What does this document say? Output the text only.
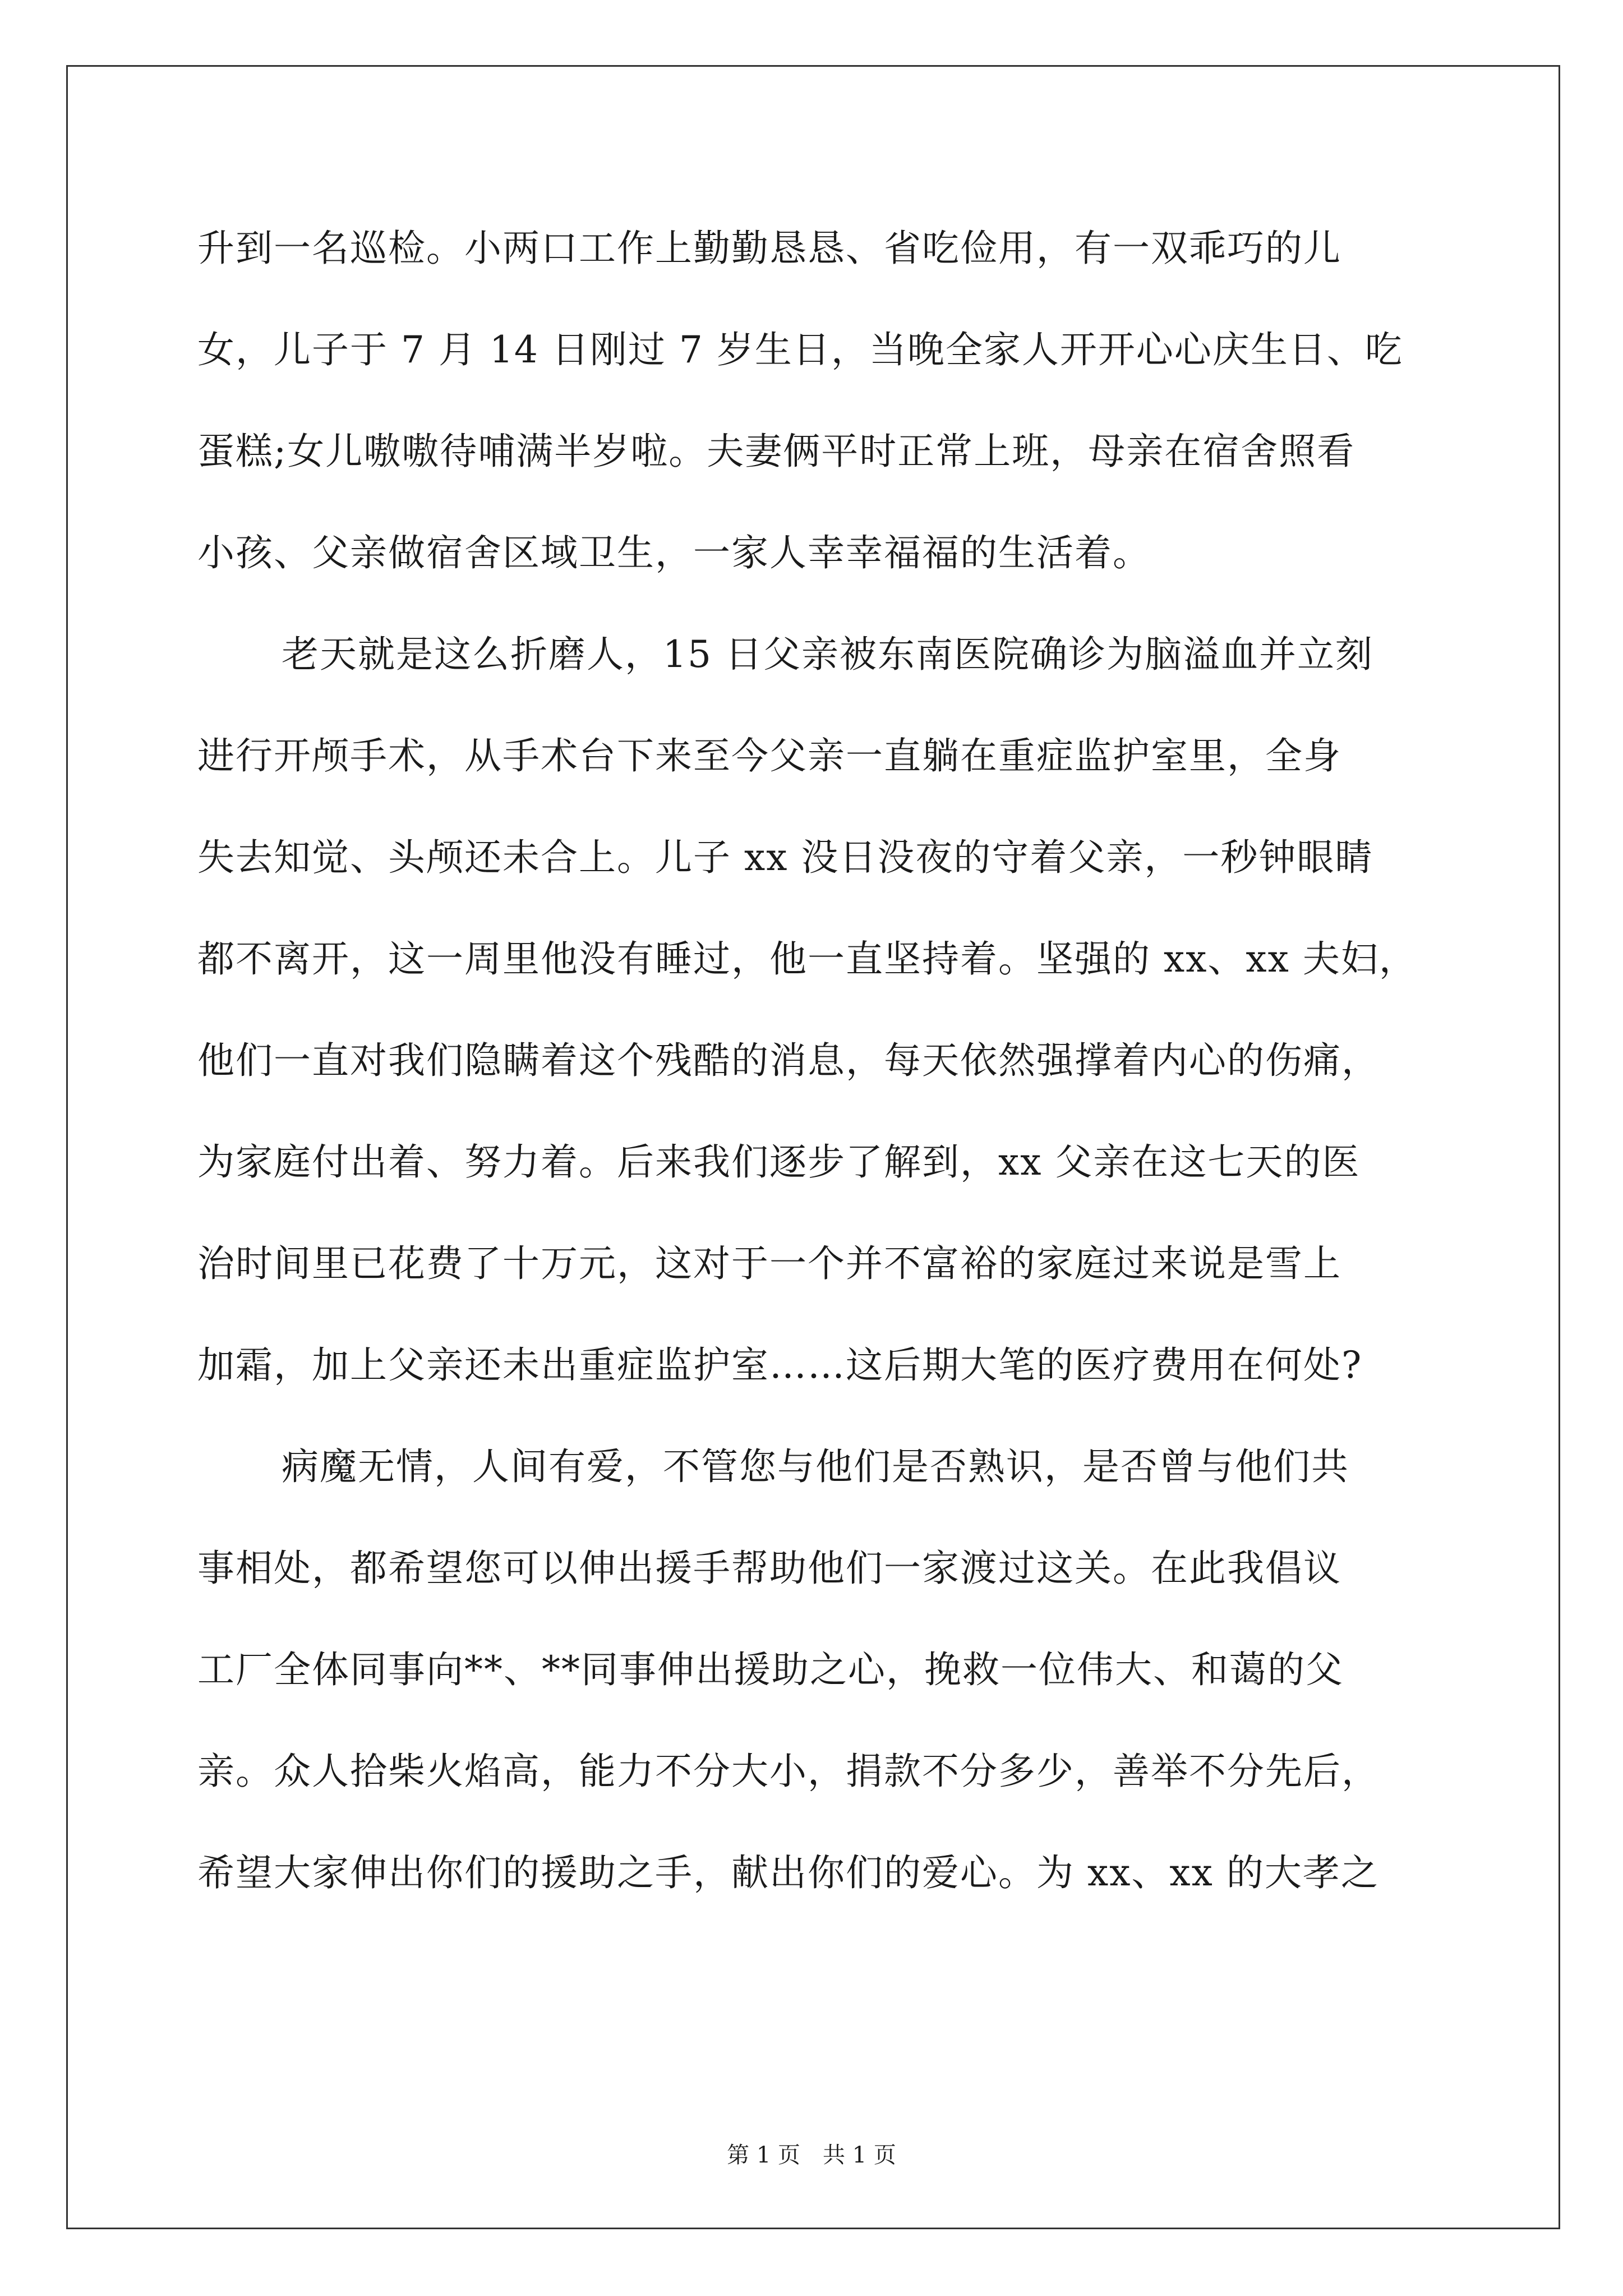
升到一名巡检。小两口工作上勤勤恳恳、省吃俭用，有一双乖巧的儿
女，儿子于 7 月 14 日刚过 7 岁生日，当晚全家人开开心心庆生日、吃
蛋糕;女儿嗷嗷待哺满半岁啦。夫妻俩平时正常上班，母亲在宿舍照看
小孩、父亲做宿舍区域卫生，一家人幸幸福福的生活着。
老天就是这么折磨人，15 日父亲被东南医院确诊为脑溢血并立刻
进行开颅手术，从手术台下来至今父亲一直躺在重症监护室里，全身
失去知觉、头颅还未合上。儿子 xx 没日没夜的守着父亲，一秒钟眼睛
都不离开，这一周里他没有睡过，他一直坚持着。坚强的 xx、xx 夫妇，
他们一直对我们隐瞒着这个残酷的消息，每天依然强撑着内心的伤痛，
为家庭付出着、努力着。后来我们逐步了解到，xx 父亲在这七天的医
治时间里已花费了十万元，这对于一个并不富裕的家庭过来说是雪上
加霜，加上父亲还未出重症监护室……这后期大笔的医疗费用在何处?
病魔无情，人间有爱，不管您与他们是否熟识，是否曾与他们共
事相处，都希望您可以伸出援手帮助他们一家渡过这关。在此我倡议
工厂全体同事向**、**同事伸出援助之心，挽救一位伟大、和蔼的父
亲。众人拾柴火焰高，能力不分大小，捐款不分多少，善举不分先后，
希望大家伸出你们的援助之手，献出你们的爱心。为 xx、xx 的大孝之
第 1 页　共 1 页
